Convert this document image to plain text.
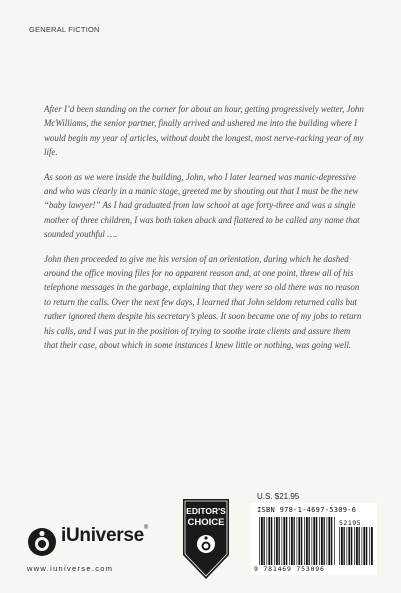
GENERAL FICTION

After I’d been standing on the corner for about an hour, getting progressively wetter, John McWilliams, the senior partner, finally arrived and ushered me into the building where I would begin my year of articles, without doubt the longest, most nerve-racking year of my life.

As soon as we were inside the building, John, who I later learned was manic-depressive and who was clearly in a manic stage, greeted me by shouting out that I must be the new “baby lawyer!” As I had graduated from law school at age forty-three and was a single mother of three children, I was both taken aback and flattered to be called any name that sounded youthful ….

John then proceeded to give me his version of an orientation, during which he dashed around the office moving files for no apparent reason and, at one point, threw all of his telephone messages in the garbage, explaining that they were so old there was no reason to return the calls. Over the next few days, I learned that John seldom returned calls but rather ignored them despite his secretary’s pleas. It soon became one of my jobs to return his calls, and I was put in the position of trying to soothe irate clients and assure them that their case, about which in some instances I knew little or nothing, was going well.

iUniverse®
www.iuniverse.com
EDITOR'S
CHOICE
U.S. $21.95
ISBN 978-1-4697-5309-6
52195
9 781469 753096
